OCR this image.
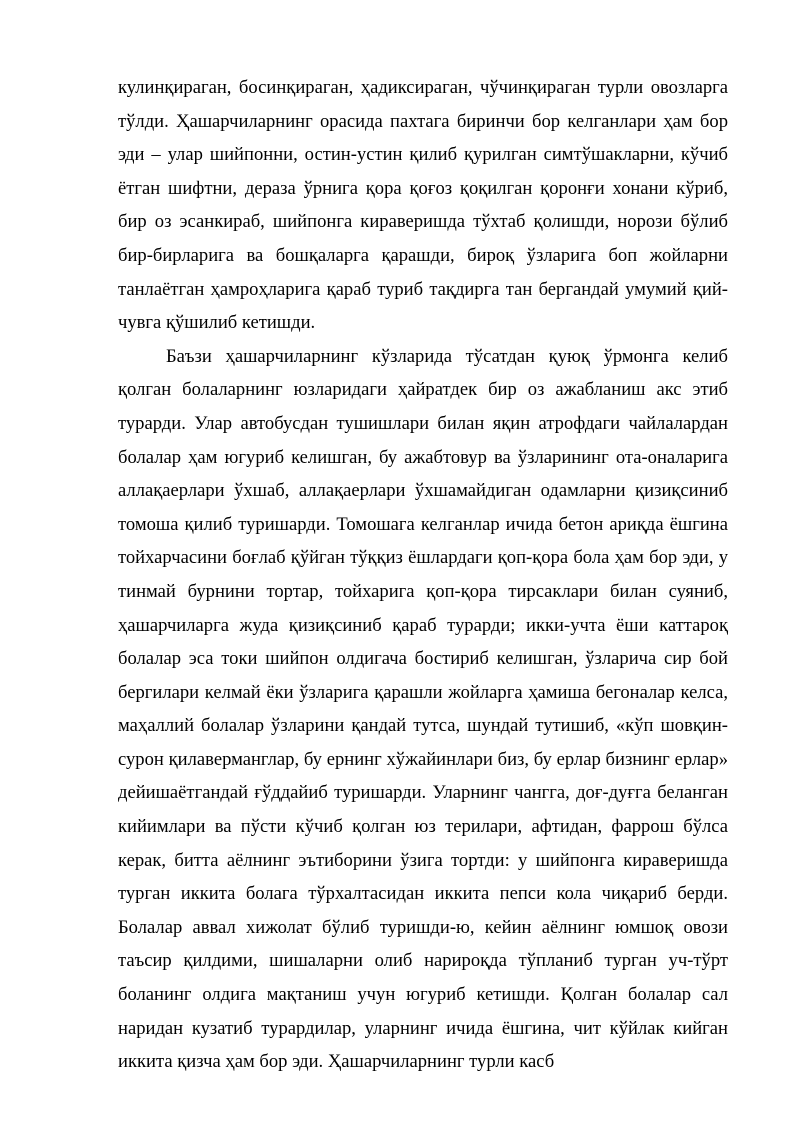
кулинқираган, босинқираган, ҳадиксираган, чўчинқираган турли овозларга тўлди. Ҳашарчиларнинг орасида пахтага биринчи бор келганлари ҳам бор эди – улар шийпонни, остин-устин қилиб қурилган симтўшакларни, кўчиб ётган шифтни, дераза ўрнига қора қоғоз қоқилган қоронғи хонани кўриб, бир оз эсанкираб, шийпонга кираверишда тўхтаб қолишди, норози бўлиб бир-бирларига ва бошқаларга қарашди, бироқ ўзларига боп жойларни танлаётган ҳамроҳларига қараб туриб тақдирга тан бергандай умумий қий-чувга қўшилиб кетишди.

Баъзи ҳашарчиларнинг кўзларида тўсатдан қуюқ ўрмонга келиб қолган болаларнинг юзларидаги ҳайратдек бир оз ажабланиш акс этиб турарди. Улар автобусдан тушишлари билан яқин атрофдаги чайлалардан болалар ҳам югуриб келишган, бу ажабтовур ва ўзларининг ота-оналарига аллақаерлари ўхшаб, аллақаерлари ўхшамайдиган одамларни қизиқсиниб томоша қилиб туришарди. Томошага келганлар ичида бетон ариқда ёшгина тойхарчасини боғлаб қўйган тўққиз ёшлардаги қоп-қора бола ҳам бор эди, у тинмай бурнини тортар, тойхарига қоп-қора тирсаклари билан суяниб, ҳашарчиларга жуда қизиқсиниб қараб турарди; икки-учта ёши каттароқ болалар эса токи шийпон олдигача бостириб келишган, ўзларича сир бой бергилари келмай ёки ўзларига қарашли жойларга ҳамиша бегоналар келса, маҳаллий болалар ўзларини қандай тутса, шундай тутишиб, «кўп шовқин-сурон қилаверманглар, бу ернинг хўжайинлари биз, бу ерлар бизнинг ерлар» дейишаётгандай ғўддайиб туришарди. Уларнинг чангга, доғ-дуғга беланган кийимлари ва пўсти кўчиб қолган юз терилари, афтидан, фаррош бўлса керак, битта аёлнинг эътиборини ўзига тортди: у шийпонга кираверишда турган иккита болага тўрхалтасидан иккита пепси кола чиқариб берди. Болалар аввал хижолат бўлиб туришди-ю, кейин аёлнинг юмшоқ овози таъсир қилдими, шишаларни олиб нарироқда тўпланиб турган уч-тўрт боланинг олдига мақтаниш учун югуриб кетишди. Қолган болалар сал наридан кузатиб турардилар, уларнинг ичида ёшгина, чит кўйлак кийган иккита қизча ҳам бор эди. Ҳашарчиларнинг турли касб
